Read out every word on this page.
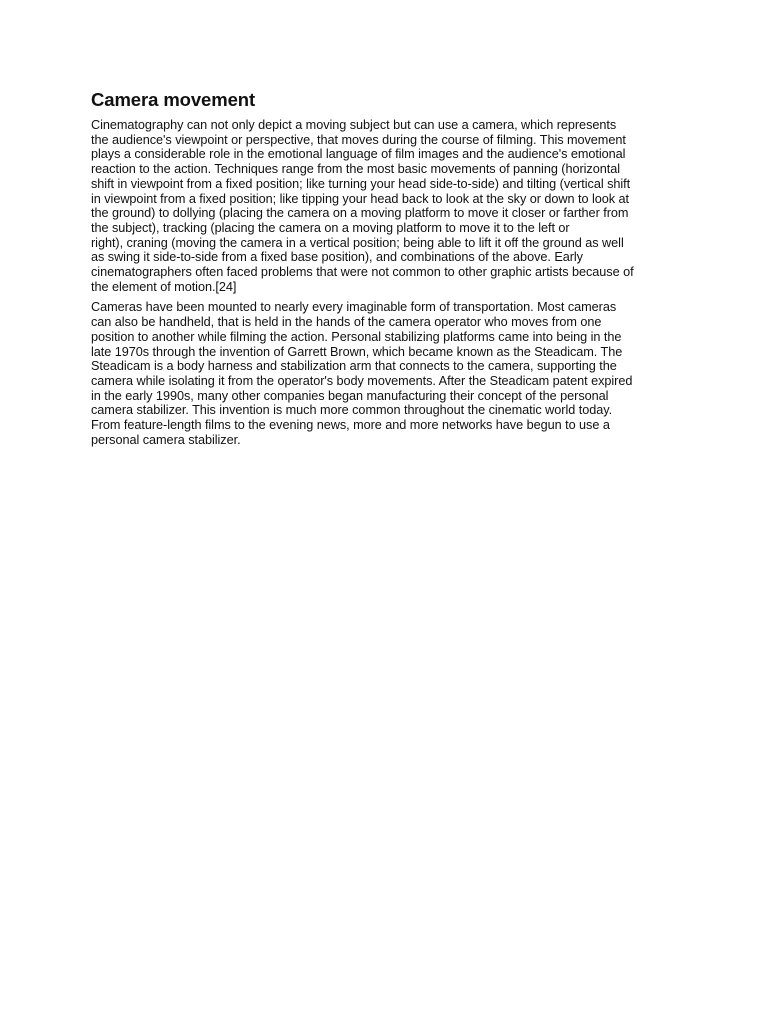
Camera movement

Cinematography can not only depict a moving subject but can use a camera, which represents
the audience's viewpoint or perspective, that moves during the course of filming. This movement
plays a considerable role in the emotional language of film images and the audience's emotional
reaction to the action. Techniques range from the most basic movements of panning (horizontal
shift in viewpoint from a fixed position; like turning your head side-to-side) and tilting (vertical shift
in viewpoint from a fixed position; like tipping your head back to look at the sky or down to look at
the ground) to dollying (placing the camera on a moving platform to move it closer or farther from
the subject), tracking (placing the camera on a moving platform to move it to the left or
right), craning (moving the camera in a vertical position; being able to lift it off the ground as well
as swing it side-to-side from a fixed base position), and combinations of the above. Early
cinematographers often faced problems that were not common to other graphic artists because of
the element of motion.[24]

Cameras have been mounted to nearly every imaginable form of transportation. Most cameras
can also be handheld, that is held in the hands of the camera operator who moves from one
position to another while filming the action. Personal stabilizing platforms came into being in the
late 1970s through the invention of Garrett Brown, which became known as the Steadicam. The
Steadicam is a body harness and stabilization arm that connects to the camera, supporting the
camera while isolating it from the operator's body movements. After the Steadicam patent expired
in the early 1990s, many other companies began manufacturing their concept of the personal
camera stabilizer. This invention is much more common throughout the cinematic world today.
From feature-length films to the evening news, more and more networks have begun to use a
personal camera stabilizer.
